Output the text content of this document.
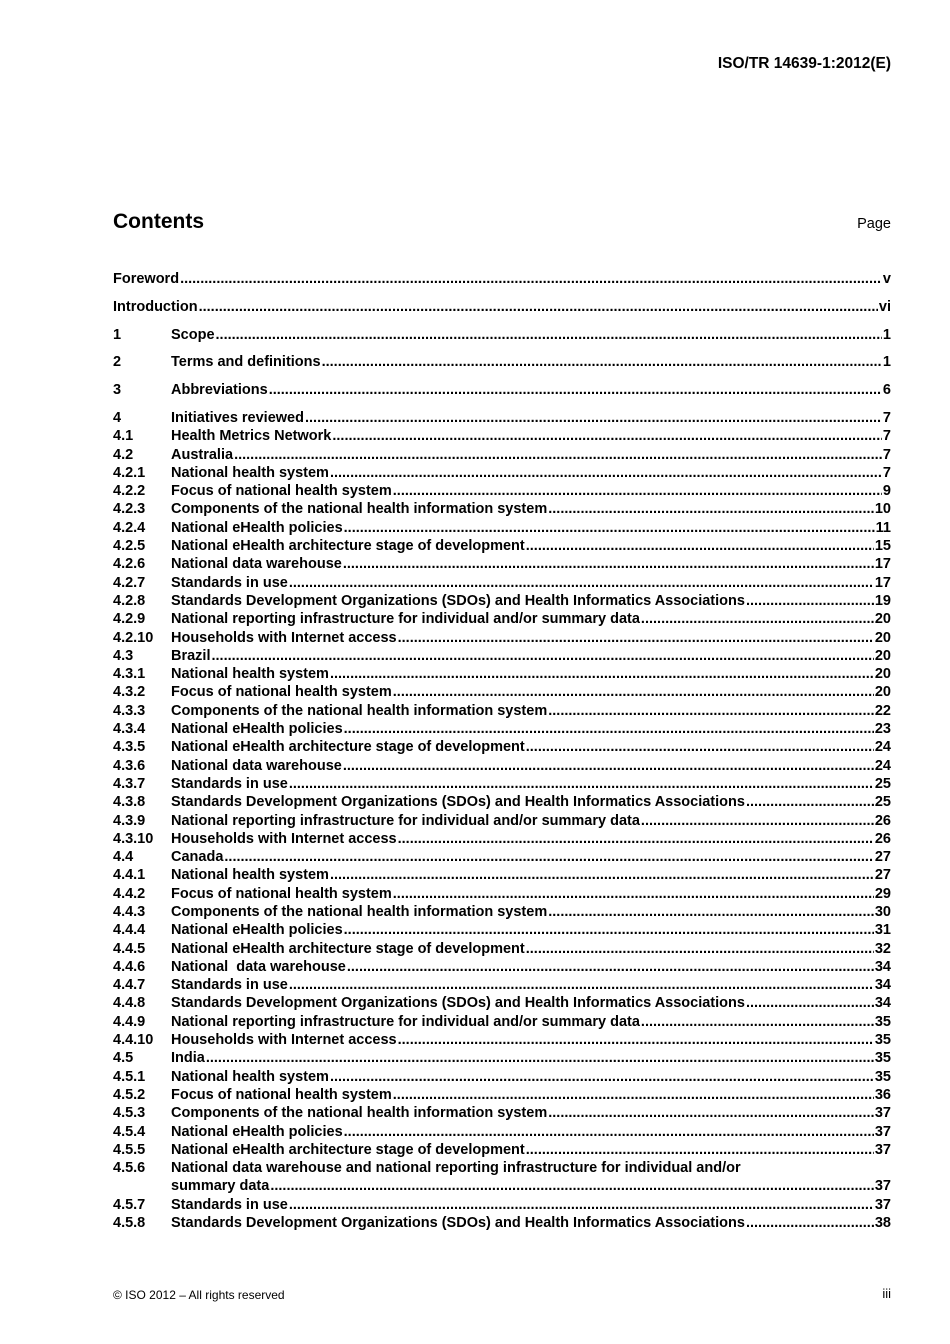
ISO/TR 14639-1:2012(E)
Contents	Page
Foreword .....	v
Introduction .....	vi
1	Scope .....	1
2	Terms and definitions .....	1
3	Abbreviations .....	6
4	Initiatives reviewed .....	7
4.1	Health Metrics Network .....	7
4.2	Australia .....	7
4.2.1	National health system .....	7
4.2.2	Focus of national health system .....	9
4.2.3	Components of the national health information system .....	10
4.2.4	National eHealth policies .....	11
4.2.5	National eHealth architecture stage of development .....	15
4.2.6	National data warehouse .....	17
4.2.7	Standards in use .....	17
4.2.8	Standards Development Organizations (SDOs) and Health Informatics Associations .....	19
4.2.9	National reporting infrastructure for individual and/or summary data .....	20
4.2.10	Households with Internet access .....	20
4.3	Brazil .....	20
4.3.1	National health system .....	20
4.3.2	Focus of national health system .....	20
4.3.3	Components of the national health information system .....	22
4.3.4	National eHealth policies .....	23
4.3.5	National eHealth architecture stage of development .....	24
4.3.6	National data warehouse .....	24
4.3.7	Standards in use .....	25
4.3.8	Standards Development Organizations (SDOs) and Health Informatics Associations .....	25
4.3.9	National reporting infrastructure for individual and/or summary data .....	26
4.3.10	Households with Internet access .....	26
4.4	Canada .....	27
4.4.1	National health system .....	27
4.4.2	Focus of national health system .....	29
4.4.3	Components of the national health information system .....	30
4.4.4	National eHealth policies .....	31
4.4.5	National eHealth architecture stage of development .....	32
4.4.6	National  data warehouse .....	34
4.4.7	Standards in use .....	34
4.4.8	Standards Development Organizations (SDOs) and Health Informatics Associations .....	34
4.4.9	National reporting infrastructure for individual and/or summary data .....	35
4.4.10	Households with Internet access .....	35
4.5	India .....	35
4.5.1	National health system .....	35
4.5.2	Focus of national health system .....	36
4.5.3	Components of the national health information system .....	37
4.5.4	National eHealth policies .....	37
4.5.5	National eHealth architecture stage of development .....	37
4.5.6	National data warehouse and national reporting infrastructure for individual and/or
summary data .....	37
4.5.7	Standards in use .....	37
4.5.8	Standards Development Organizations (SDOs) and Health Informatics Associations .....	38
© ISO 2012 – All rights reserved	iii
